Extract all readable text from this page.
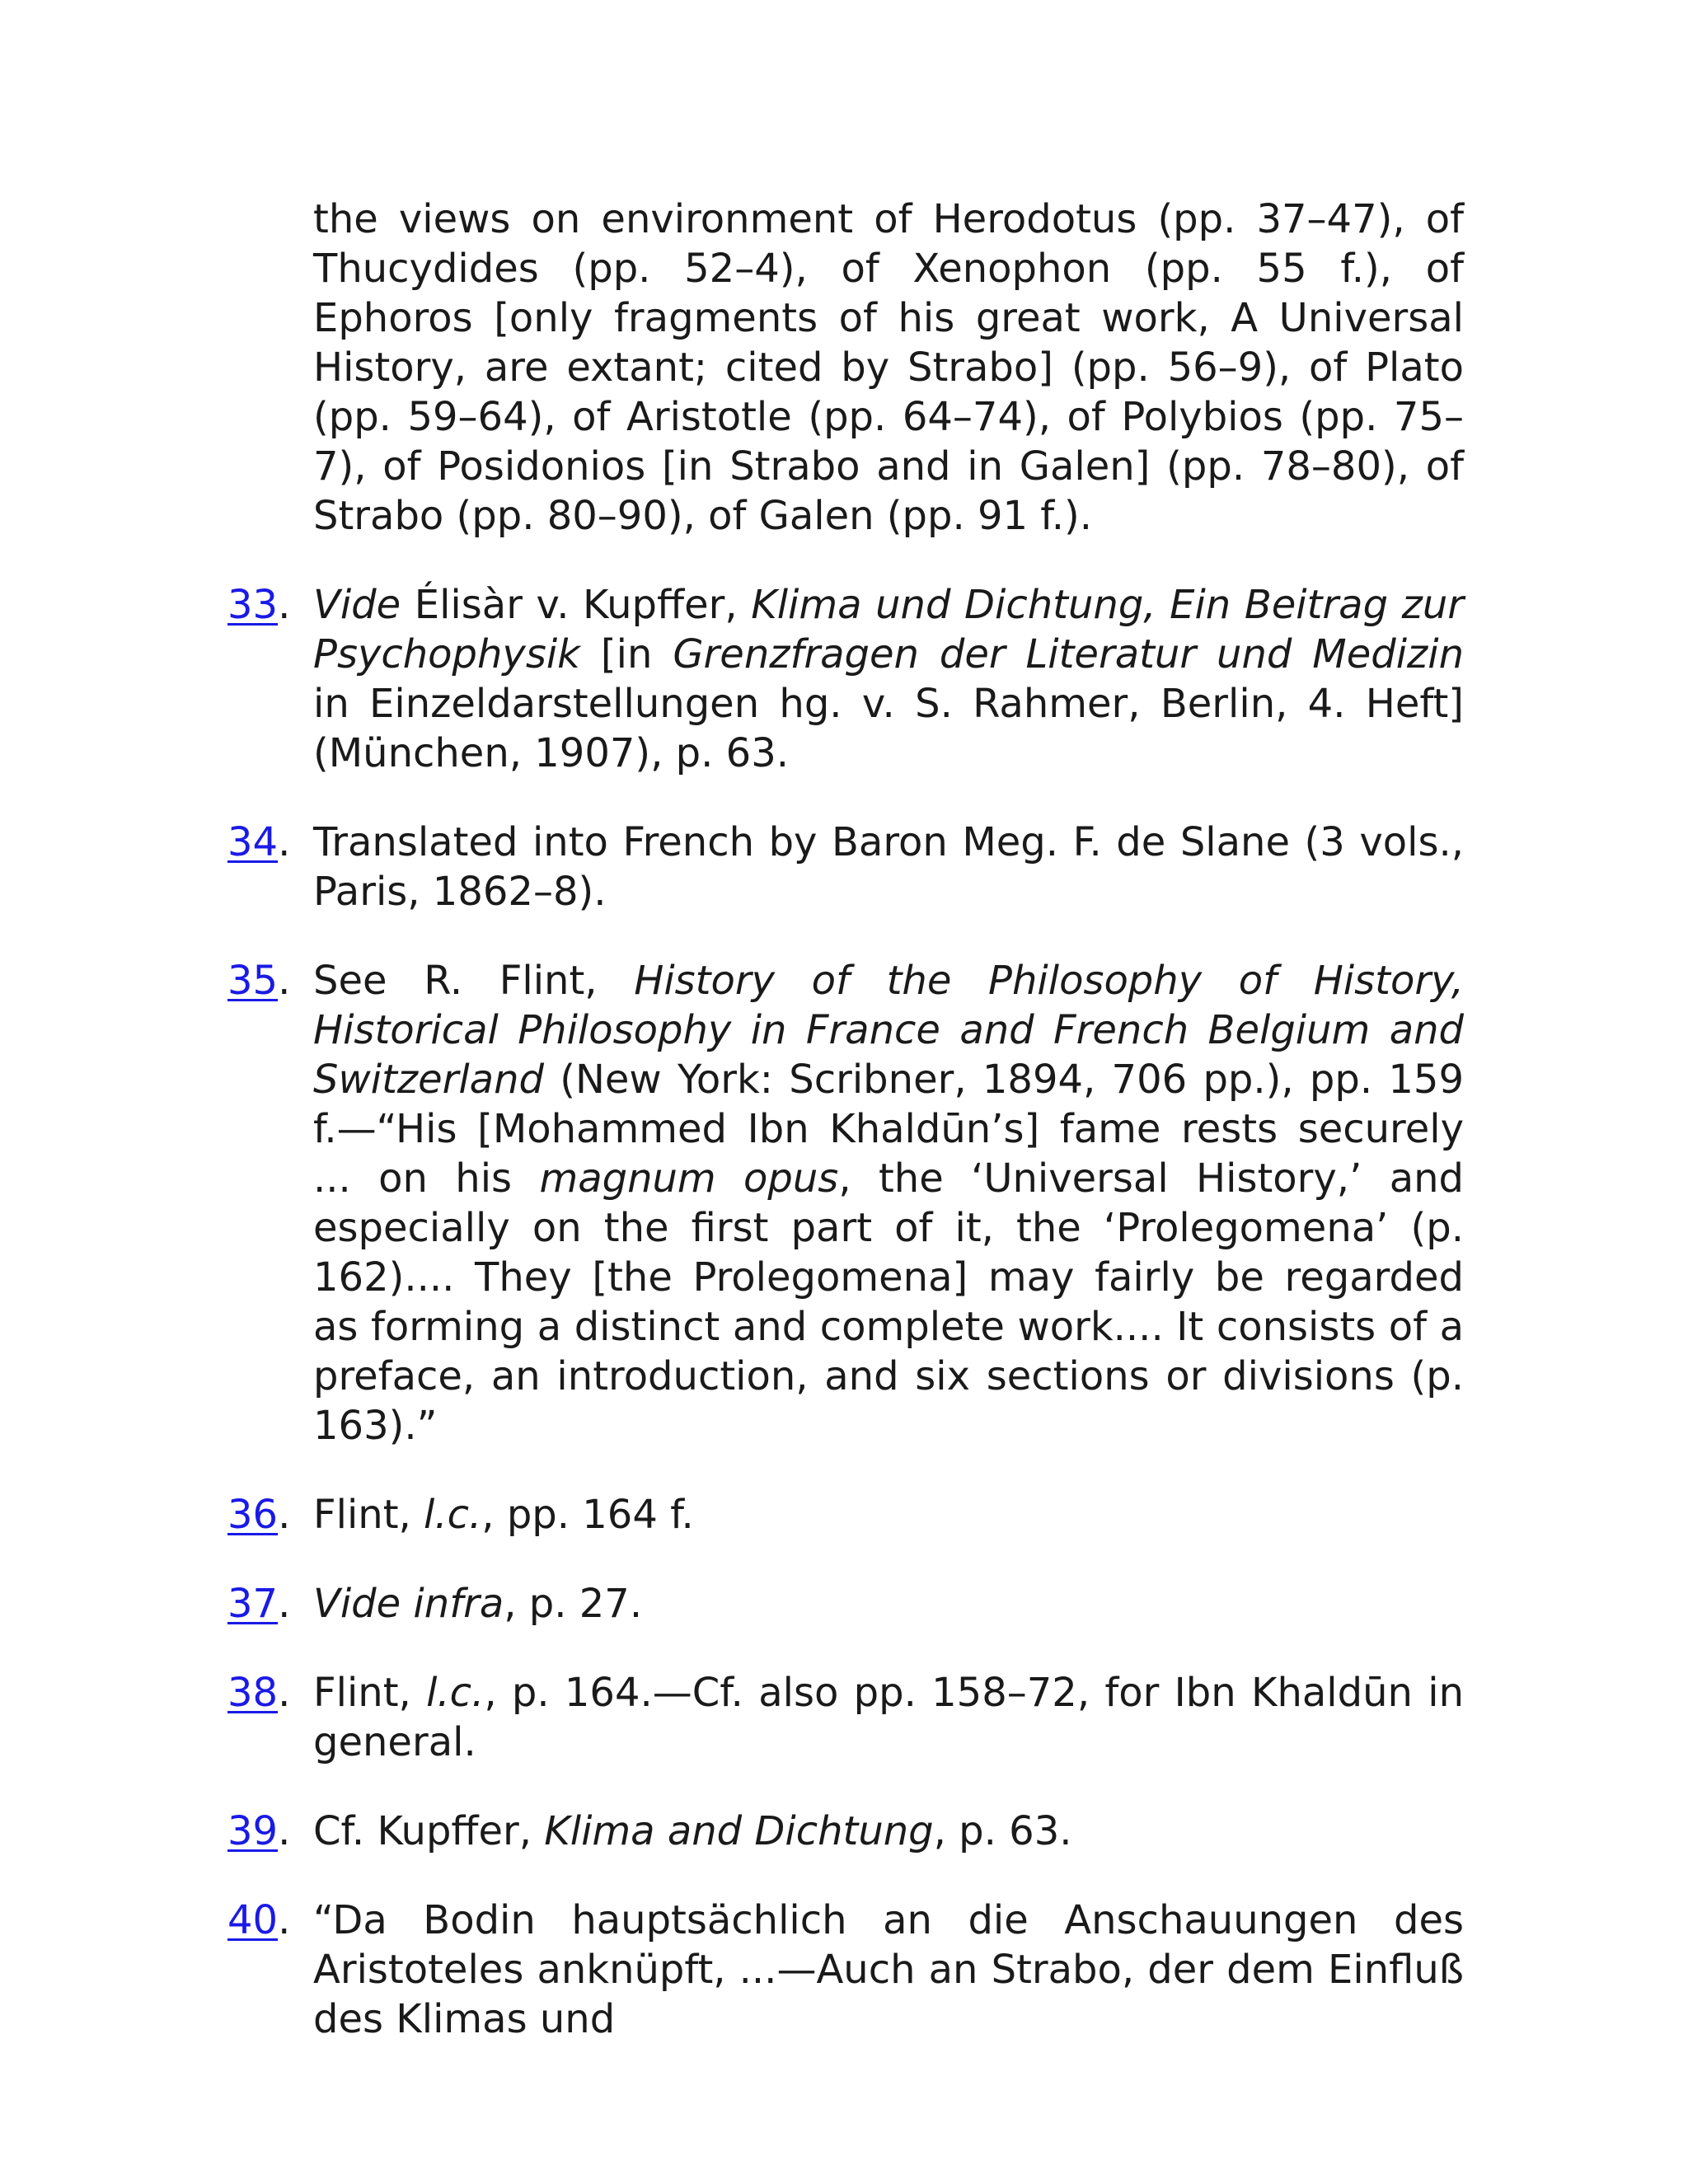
the views on environment of Herodotus (pp. 37–47), of Thucydides (pp. 52–4), of Xenophon (pp. 55 f.), of Ephoros [only fragments of his great work, A Universal History, are extant; cited by Strabo] (pp. 56–9), of Plato (pp. 59–64), of Aristotle (pp. 64–74), of Polybios (pp. 75–7), of Posidonios [in Strabo and in Galen] (pp. 78–80), of Strabo (pp. 80–90), of Galen (pp. 91 f.).
33. Vide Élisàr v. Kupffer, Klima und Dichtung, Ein Beitrag zur Psychophysik [in Grenzfragen der Literatur und Medizin in Einzeldarstellungen hg. v. S. Rahmer, Berlin, 4. Heft] (München, 1907), p. 63.
34. Translated into French by Baron Meg. F. de Slane (3 vols., Paris, 1862–8).
35. See R. Flint, History of the Philosophy of History, Historical Philosophy in France and French Belgium and Switzerland (New York: Scribner, 1894, 706 pp.), pp. 159 f.—“His [Mohammed Ibn Khaldūn’s] fame rests securely ... on his magnum opus, the ‘Universal History,’ and especially on the first part of it, the ‘Prolegomena’ (p. 162).... They [the Prolegomena] may fairly be regarded as forming a distinct and complete work.... It consists of a preface, an introduction, and six sections or divisions (p. 163).”
36. Flint, l.c., pp. 164 f.
37. Vide infra, p. 27.
38. Flint, l.c., p. 164.—Cf. also pp. 158–72, for Ibn Khaldūn in general.
39. Cf. Kupffer, Klima and Dichtung, p. 63.
40. “Da Bodin hauptsächlich an die Anschauungen des Aristoteles anknüpft, ...—Auch an Strabo, der dem Einfluß des Klimas und
